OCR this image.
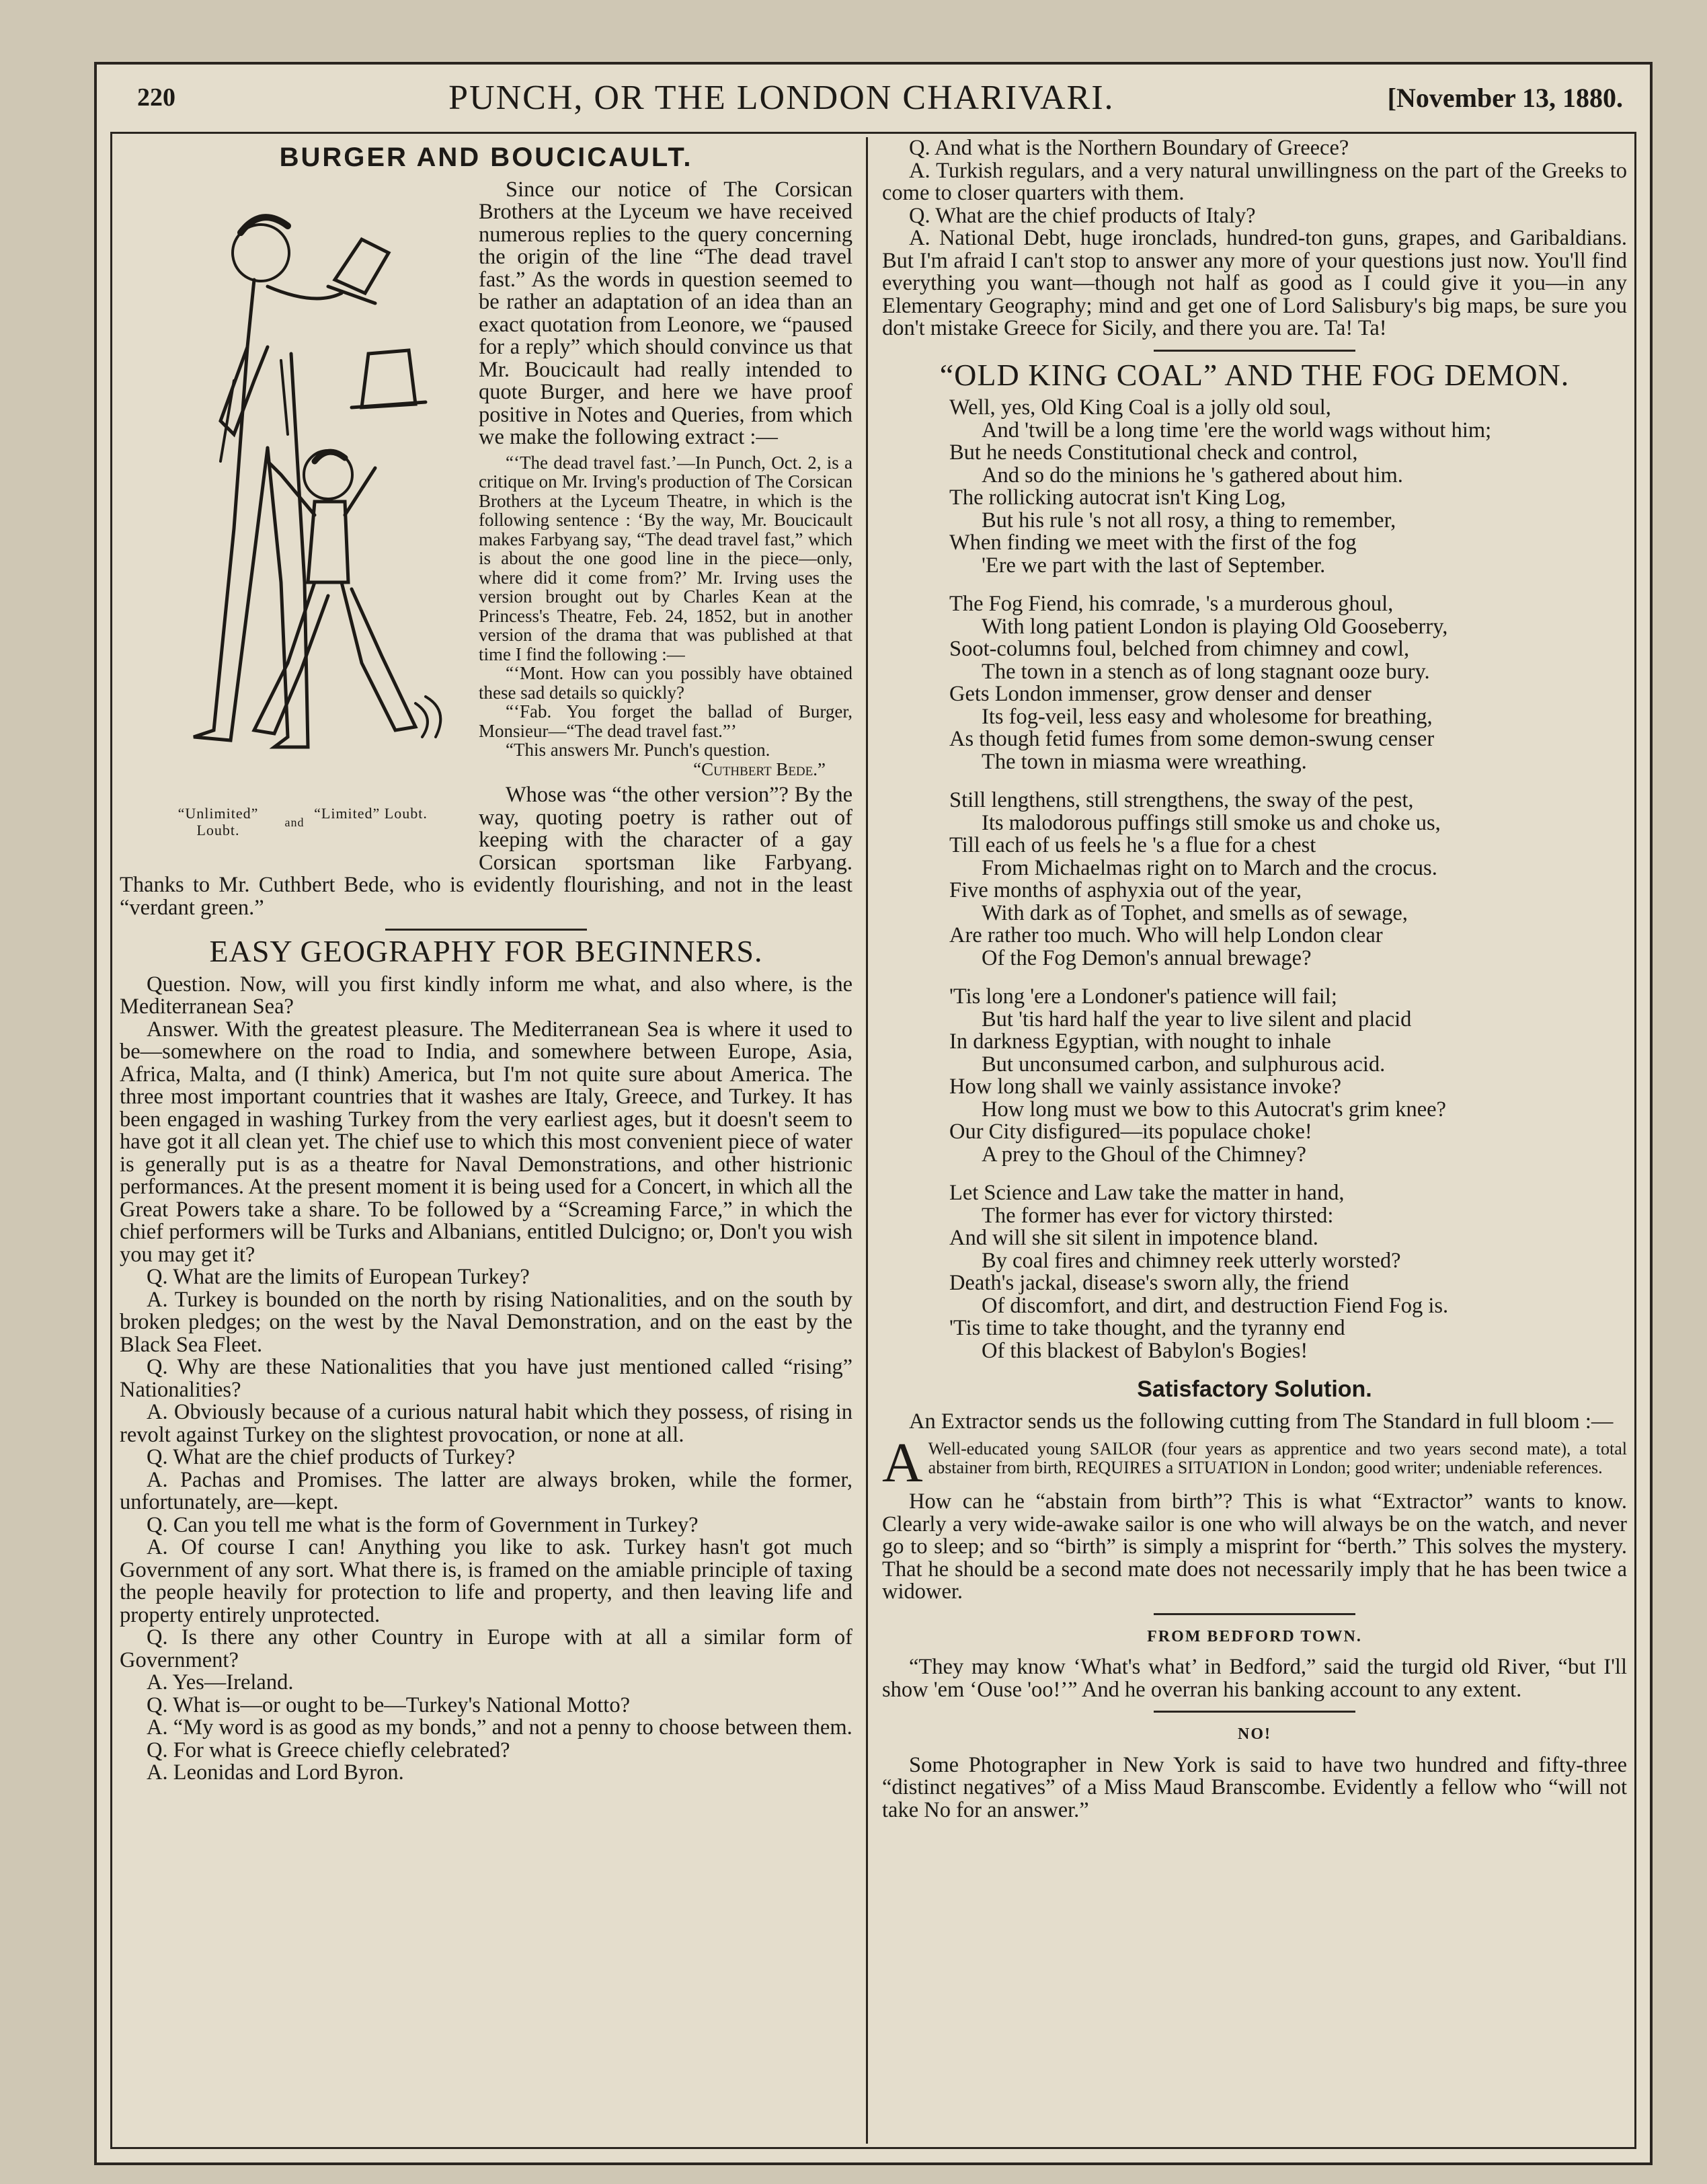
220	PUNCH, OR THE LONDON CHARIVARI.	[November 13, 1880.
BURGER AND BOUCICAULT.
“Unlimited” Loubt.	and
“Limited” Loubt.

Since our notice of The Corsican Brothers at the Lyceum we have received numerous replies to the query concerning the origin of the line “The dead travel fast.” As the words in question seemed to be rather an adaptation of an idea than an exact quotation from Leonore, we “paused for a reply” which should convince us that Mr. Boucicault had really intended to quote Burger, and here we have proof positive in Notes and Queries, from which we make the following extract :—

“‘The dead travel fast.’—In Punch, Oct. 2, is a critique on Mr. Irving's production of The Corsican Brothers at the Lyceum Theatre, in which is the following sentence : ‘By the way, Mr. Boucicault makes Farbyang say, “The dead travel fast,” which is about the one good line in the piece—only, where did it come from?’ Mr. Irving uses the version brought out by Charles Kean at the Princess's Theatre, Feb. 24, 1852, but in another version of the drama that was published at that time I find the following :—

“‘Mont. How can you possibly have obtained these sad details so quickly?

“‘Fab. You forget the ballad of Burger, Monsieur—“The dead travel fast.”’

“This answers Mr. Punch's question.

“Cuthbert Bede.”

Whose was “the other version”? By the way, quoting poetry is rather out of keeping with the character of a gay Corsican sportsman like Farbyang. Thanks to Mr. Cuthbert Bede, who is evidently flourishing, and not in the least “verdant green.”

EASY GEOGRAPHY FOR BEGINNERS.

Question. Now, will you first kindly inform me what, and also where, is the Mediterranean Sea?

Answer. With the greatest pleasure. The Mediterranean Sea is where it used to be—somewhere on the road to India, and somewhere between Europe, Asia, Africa, Malta, and (I think) America, but I'm not quite sure about America. The three most important countries that it washes are Italy, Greece, and Turkey. It has been engaged in washing Turkey from the very earliest ages, but it doesn't seem to have got it all clean yet. The chief use to which this most convenient piece of water is generally put is as a theatre for Naval Demonstrations, and other histrionic performances. At the present moment it is being used for a Concert, in which all the Great Powers take a share. To be followed by a “Screaming Farce,” in which the chief performers will be Turks and Albanians, entitled Dulcigno; or, Don't you wish you may get it?

Q. What are the limits of European Turkey?

A. Turkey is bounded on the north by rising Nationalities, and on the south by broken pledges; on the west by the Naval Demonstration, and on the east by the Black Sea Fleet.

Q. Why are these Nationalities that you have just mentioned called “rising” Nationalities?

A. Obviously because of a curious natural habit which they possess, of rising in revolt against Turkey on the slightest provocation, or none at all.

Q. What are the chief products of Turkey?

A. Pachas and Promises. The latter are always broken, while the former, unfortunately, are—kept.

Q. Can you tell me what is the form of Government in Turkey?

A. Of course I can! Anything you like to ask. Turkey hasn't got much Government of any sort. What there is, is framed on the amiable principle of taxing the people heavily for protection to life and property, and then leaving life and property entirely unprotected.

Q. Is there any other Country in Europe with at all a similar form of Government?

A. Yes—Ireland.

Q. What is—or ought to be—Turkey's National Motto?

A. “My word is as good as my bonds,” and not a penny to choose between them.

Q. For what is Greece chiefly celebrated?

A. Leonidas and Lord Byron.

Q. And what is the Northern Boundary of Greece?

A. Turkish regulars, and a very natural unwillingness on the part of the Greeks to come to closer quarters with them.

Q. What are the chief products of Italy?

A. National Debt, huge ironclads, hundred-ton guns, grapes, and Garibaldians. But I'm afraid I can't stop to answer any more of your questions just now. You'll find everything you want—though not half as good as I could give it you—in any Elementary Geography; mind and get one of Lord Salisbury's big maps, be sure you don't mistake Greece for Sicily, and there you are. Ta! Ta!

“OLD KING COAL” AND THE FOG DEMON.

Well, yes, Old King Coal is a jolly old soul,

And 'twill be a long time 'ere the world wags without him;

But he needs Constitutional check and control,

And so do the minions he 's gathered about him.

The rollicking autocrat isn't King Log,

But his rule 's not all rosy, a thing to remember,

When finding we meet with the first of the fog

'Ere we part with the last of September.

The Fog Fiend, his comrade, 's a murderous ghoul,

With long patient London is playing Old Gooseberry,

Soot-columns foul, belched from chimney and cowl,

The town in a stench as of long stagnant ooze bury.

Gets London immenser, grow denser and denser

Its fog-veil, less easy and wholesome for breathing,

As though fetid fumes from some demon-swung censer

The town in miasma were wreathing.

Still lengthens, still strengthens, the sway of the pest,

Its malodorous puffings still smoke us and choke us,

Till each of us feels he 's a flue for a chest

From Michaelmas right on to March and the crocus.

Five months of asphyxia out of the year,

With dark as of Tophet, and smells as of sewage,

Are rather too much. Who will help London clear

Of the Fog Demon's annual brewage?

'Tis long 'ere a Londoner's patience will fail;

But 'tis hard half the year to live silent and placid

In darkness Egyptian, with nought to inhale

But unconsumed carbon, and sulphurous acid.

How long shall we vainly assistance invoke?

How long must we bow to this Autocrat's grim knee?

Our City disfigured—its populace choke!

A prey to the Ghoul of the Chimney?

Let Science and Law take the matter in hand,

The former has ever for victory thirsted:

And will she sit silent in impotence bland.

By coal fires and chimney reek utterly worsted?

Death's jackal, disease's sworn ally, the friend

Of discomfort, and dirt, and destruction Fiend Fog is.

'Tis time to take thought, and the tyranny end

Of this blackest of Babylon's Bogies!

Satisfactory Solution.

An Extractor sends us the following cutting from The Standard in full bloom :—

A Well-educated young SAILOR (four years as apprentice and two years second mate), a total abstainer from birth, REQUIRES a SITUATION in London; good writer; undeniable references.

How can he “abstain from birth”? This is what “Extractor” wants to know. Clearly a very wide-awake sailor is one who will always be on the watch, and never go to sleep; and so “birth” is simply a misprint for “berth.” This solves the mystery. That he should be a second mate does not necessarily imply that he has been twice a widower.

FROM BEDFORD TOWN.

“They may know ‘What's what’ in Bedford,” said the turgid old River, “but I'll show 'em ‘Ouse 'oo!’” And he overran his banking account to any extent.

NO!

Some Photographer in New York is said to have two hundred and fifty-three “distinct negatives” of a Miss Maud Branscombe. Evidently a fellow who “will not take No for an answer.”
